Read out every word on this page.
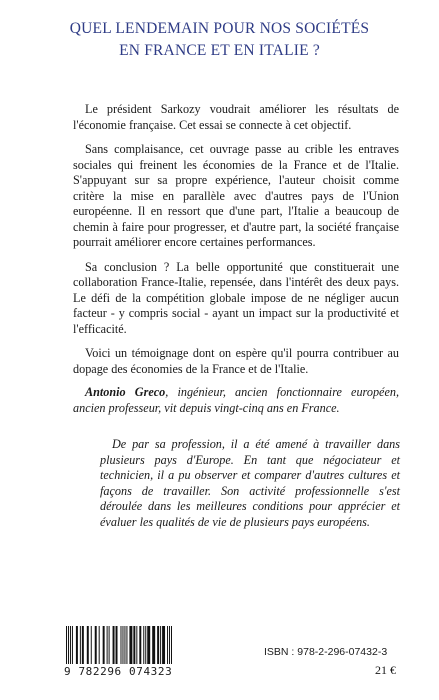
QUEL LENDEMAIN POUR NOS SOCIÉTÉS
EN FRANCE ET EN ITALIE ?

Le président Sarkozy voudrait améliorer les résultats de l'économie française. Cet essai se connecte à cet objectif.

Sans complaisance, cet ouvrage passe au crible les entraves sociales qui freinent les économies de la France et de l'Italie. S'appuyant sur sa propre expérience, l'auteur choisit comme critère la mise en parallèle avec d'autres pays de l'Union européenne. Il en ressort que d'une part, l'Italie a beaucoup de chemin à faire pour progresser, et d'autre part, la société française pourrait améliorer encore certaines performances.

Sa conclusion ? La belle opportunité que constituerait une collaboration France-Italie, repensée, dans l'intérêt des deux pays. Le défi de la compétition globale impose de ne négliger aucun facteur - y compris social - ayant un impact sur la productivité et l'efficacité.

Voici un témoignage dont on espère qu'il pourra contribuer au dopage des économies de la France et de l'Italie.

Antonio Greco, ingénieur, ancien fonctionnaire européen, ancien professeur, vit depuis vingt-cinq ans en France.
De par sa profession, il a été amené à travailler dans plusieurs pays d'Europe. En tant que négociateur et technicien, il a pu observer et comparer d'autres cultures et façons de travailler. Son activité professionnelle s'est déroulée dans les meilleures conditions pour apprécier et évaluer les qualités de vie de plusieurs pays européens.
9 782296 074323
ISBN : 978-2-296-07432-3
21 €
